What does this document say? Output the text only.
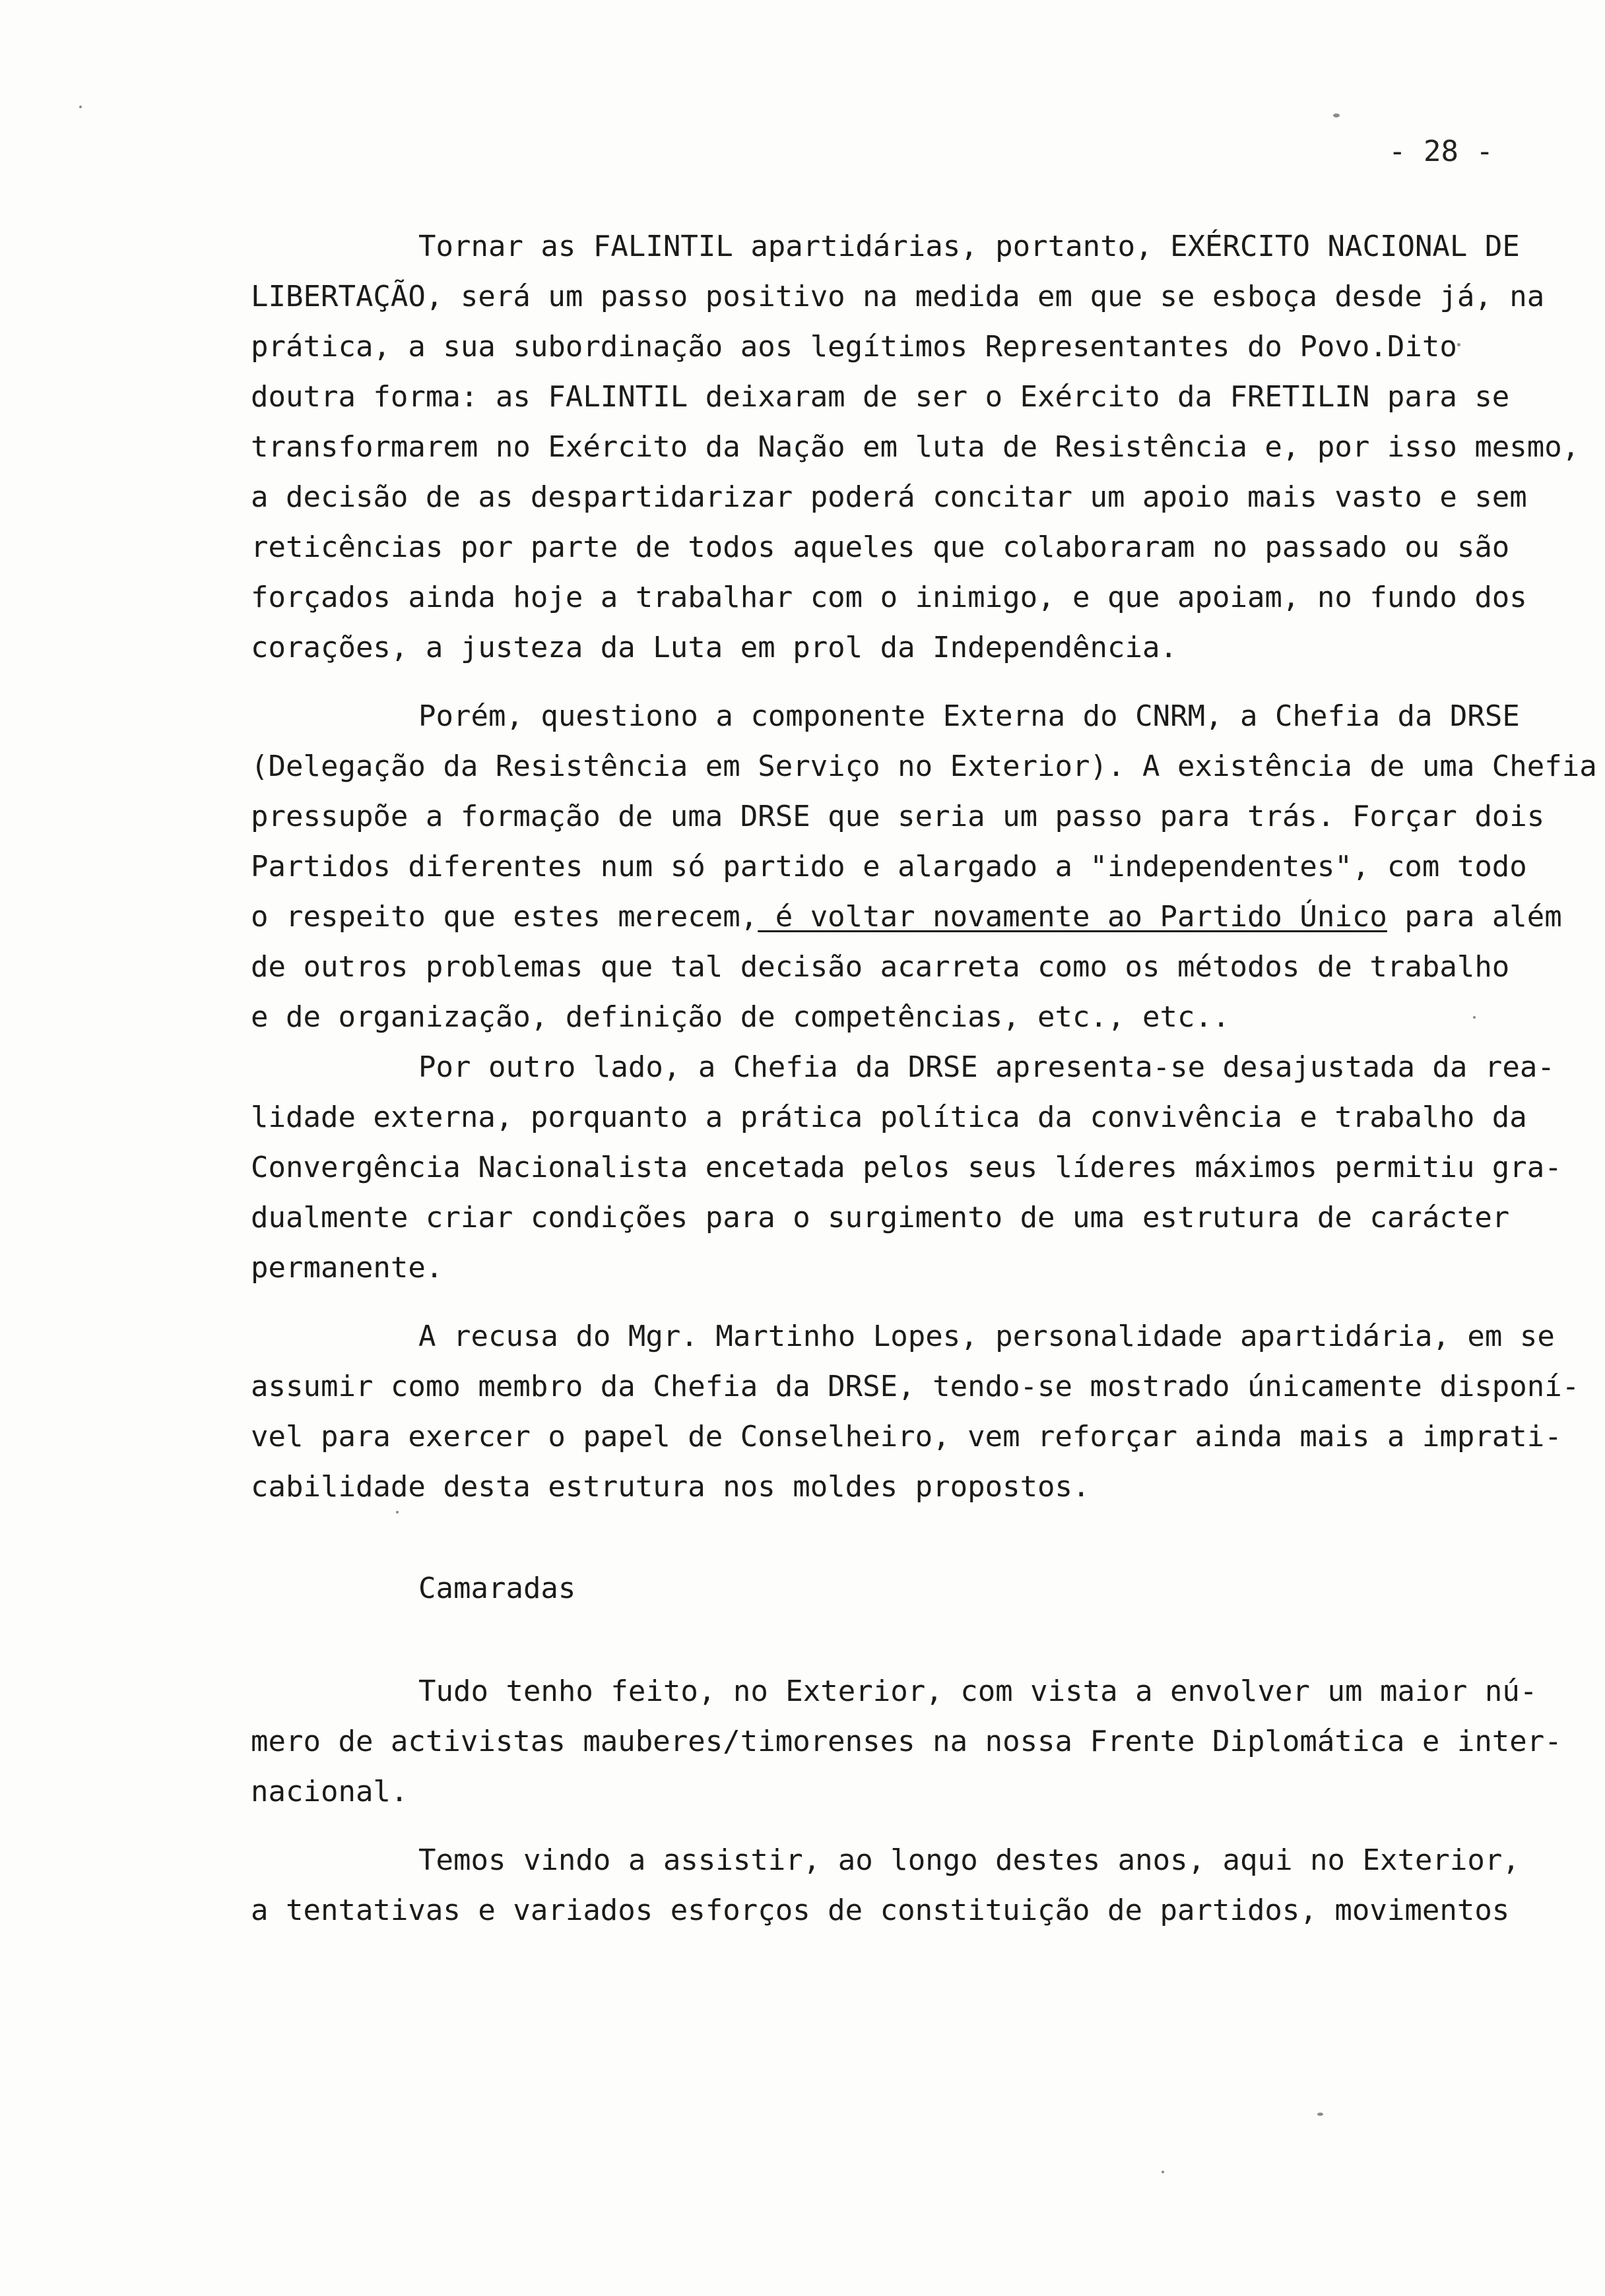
- 28 -
Tornar as FALINTIL apartidárias, portanto, EXÉRCITO NACIONAL DE
LIBERTAÇÃO, será um passo positivo na medida em que se esboça desde já, na
prática, a sua subordinação aos legítimos Representantes do Povo.Dito
doutra forma: as FALINTIL deixaram de ser o Exército da FRETILIN para se
transformarem no Exército da Nação em luta de Resistência e, por isso mesmo,
a decisão de as despartidarizar poderá concitar um apoio mais vasto e sem
reticências por parte de todos aqueles que colaboraram no passado ou são
forçados ainda hoje a trabalhar com o inimigo, e que apoiam, no fundo dos
corações, a justeza da Luta em prol da Independência.
Porém, questiono a componente Externa do CNRM, a Chefia da DRSE
(Delegação da Resistência em Serviço no Exterior). A existência de uma Chefia
pressupõe a formação de uma DRSE que seria um passo para trás. Forçar dois
Partidos diferentes num só partido e alargado a "independentes", com todo
o respeito que estes merecem, é voltar novamente ao Partido Único para além
de outros problemas que tal decisão acarreta como os métodos de trabalho
e de organização, definição de competências, etc., etc..
Por outro lado, a Chefia da DRSE apresenta-se desajustada da rea-
lidade externa, porquanto a prática política da convivência e trabalho da
Convergência Nacionalista encetada pelos seus líderes máximos permitiu gra-
dualmente criar condições para o surgimento de uma estrutura de carácter
permanente.
A recusa do Mgr. Martinho Lopes, personalidade apartidária, em se
assumir como membro da Chefia da DRSE, tendo-se mostrado únicamente disponí-
vel para exercer o papel de Conselheiro, vem reforçar ainda mais a imprati-
cabilidade desta estrutura nos moldes propostos.
Camaradas
Tudo tenho feito, no Exterior, com vista a envolver um maior nú-
mero de activistas mauberes/timorenses na nossa Frente Diplomática e inter-
nacional.
Temos vindo a assistir, ao longo destes anos, aqui no Exterior,
a tentativas e variados esforços de constituição de partidos, movimentos
